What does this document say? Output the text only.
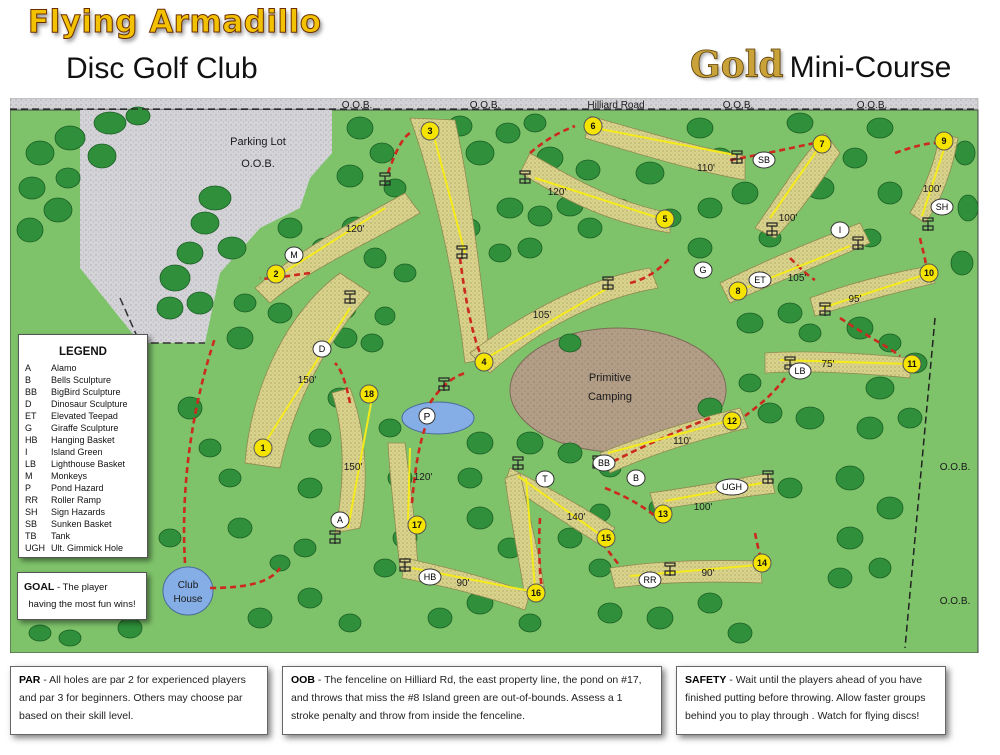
Flying Armadillo
Disc Golf Club	Gold Mini-Course
Parking Lot
O.O.B.
O.O.B.	O.O.B.	Hilliard Road	O.O.B.	O.O.B.
O.O.B.
O.O.B.
Primitive
Camping
Club
House
P
150'
120'
120'
105'
110'
100'
105'
100'
95'
75'
110'
100'
90'
140'
90'
120'
150'
M
D
A
T
BB
B
UGH
RR
HB
LB
ET
I
SH
SB
G
1
2
3
4
5
6
7
8
9
10
11
12
13
14
15
16
17
18
LEGEND
A	Alamo
B	Bells Sculpture
BB	BigBird Sculpture
D	Dinosaur Sculpture
ET	Elevated Teepad
G	Giraffe Sculpture
HB	Hanging Basket
I	Island Green
LB	Lighthouse Basket
M	Monkeys
P	Pond Hazard
RR	Roller Ramp
SH	Sign Hazards
SB	Sunken Basket
TB	Tank
UGH Ult. Gimmick Hole
GOAL - The player
having the most fun wins!
PAR - All holes are par 2 for experienced players and par 3 for beginners. Others may choose par based on their skill level.
OOB - The fenceline on Hilliard Rd, the east property line, the pond on #17, and throws that miss the #8 Island green are out-of-bounds. Assess a 1 stroke penalty and throw from inside the fenceline.
SAFETY - Wait until the players ahead of you have finished putting before throwing. Allow faster groups behind you to play through . Watch for flying discs!
